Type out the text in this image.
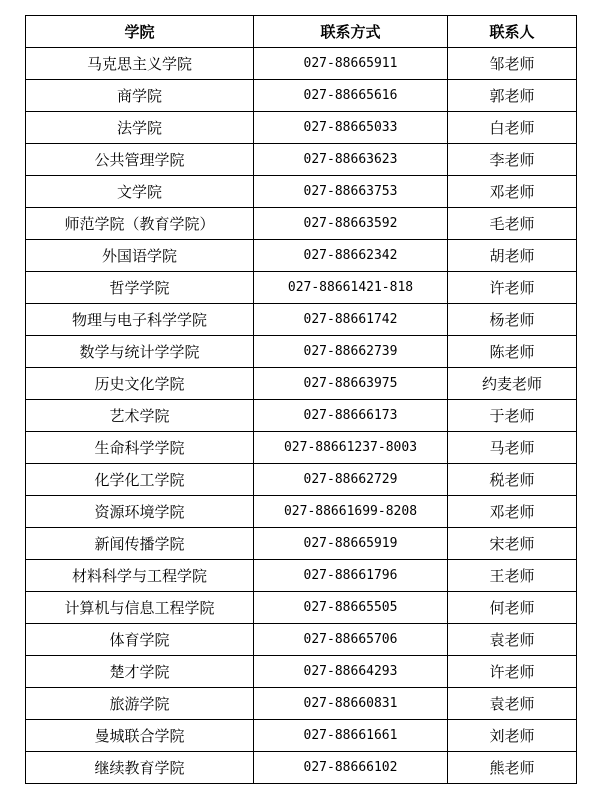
学院	联系方式	联系人
马克思主义学院	027-88665911	邹老师
商学院	027-88665616	郭老师
法学院	027-88665033	白老师
公共管理学院	027-88663623	李老师
文学院	027-88663753	邓老师
师范学院（教育学院）	027-88663592	毛老师
外国语学院	027-88662342	胡老师
哲学学院	027-88661421-818	许老师
物理与电子科学学院	027-88661742	杨老师
数学与统计学学院	027-88662739	陈老师
历史文化学院	027-88663975	约麦老师
艺术学院	027-88666173	于老师
生命科学学院	027-88661237-8003	马老师
化学化工学院	027-88662729	税老师
资源环境学院	027-88661699-8208	邓老师
新闻传播学院	027-88665919	宋老师
材料科学与工程学院	027-88661796	王老师
计算机与信息工程学院	027-88665505	何老师
体育学院	027-88665706	袁老师
楚才学院	027-88664293	许老师
旅游学院	027-88660831	袁老师
曼城联合学院	027-88661661	刘老师
继续教育学院	027-88666102	熊老师
